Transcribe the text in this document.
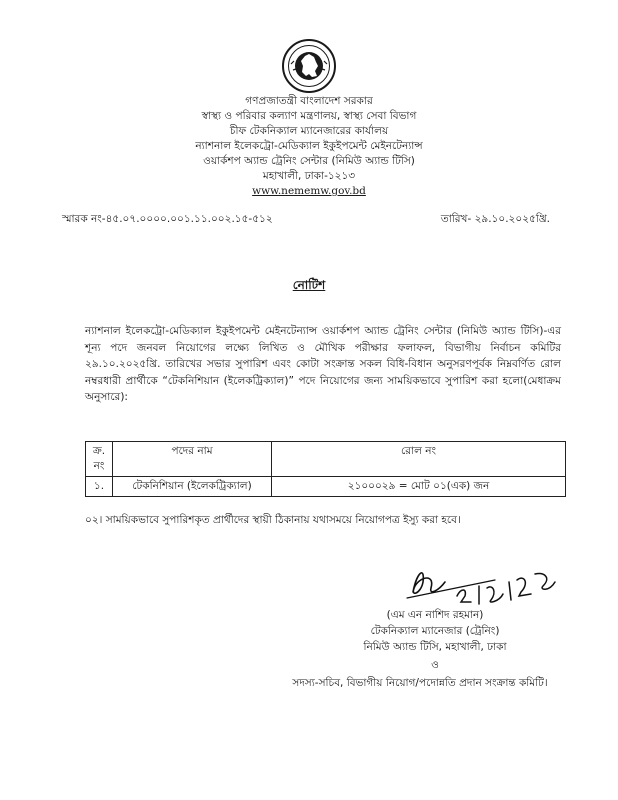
গণপ্রজাতন্ত্রী বাংলাদেশ সরকার
স্বাস্থ্য ও পরিবার কল্যাণ মন্ত্রণালয়, স্বাস্থ্য সেবা বিভাগ
চীফ টেকনিক্যাল ম্যানেজারের কার্যালয়
ন্যাশনাল ইলেকট্রো-মেডিক্যাল ইকুইপমেন্ট মেইনটেন্যান্স
ওয়ার্কশপ অ্যান্ড ট্রেনিং সেন্টার (নিমিউ অ্যান্ড টিসি)
মহাখালী, ঢাকা-১২১৩
www.nememw.gov.bd
স্মারক নং-৪৫.০৭.০০০০.০০১.১১.০০২.১৫-৫১২	তারিখ- ২৯.১০.২০২৫খ্রি.
নোটিশ
ন্যাশনাল ইলেকট্রো-মেডিক্যাল ইকুইপমেন্ট মেইনটেন্যান্স ওয়ার্কশপ অ্যান্ড ট্রেনিং সেন্টার (নিমিউ অ্যান্ড টিসি)-এর শূন্য পদে জনবল নিয়োগের লক্ষ্যে লিখিত ও মৌখিক পরীক্ষার ফলাফল, বিভাগীয় নির্বাচন কমিটির ২৯.১০.২০২৫খ্রি. তারিখের সভার সুপারিশ এবং কোটা সংক্রান্ত সকল বিধি-বিধান অনুসরণপূর্বক নিম্নবর্ণিত রোল নম্বরধারী প্রার্থীকে “টেকনিশিয়ান (ইলেকট্রিক্যাল)” পদে নিয়োগের জন্য সাময়িকভাবে সুপারিশ করা হলো(মেধাক্রম অনুসারে):
ক্র. নং	পদের নাম	রোল নং
১.	টেকনিশিয়ান (ইলেকট্রিক্যাল)	২১০০০২৯ = মোট ০১(এক) জন
০২। সাময়িকভাবে সুপারিশকৃত প্রার্থীদের স্থায়ী ঠিকানায় যথাসময়ে নিয়োগপত্র ইস্যু করা হবে।
(এম এন নাশিদ রহমান)
টেকনিক্যাল ম্যানেজার (ট্রেনিং)
নিমিউ অ্যান্ড টিসি, মহাখালী, ঢাকা
ও
সদস্য-সচিব, বিভাগীয় নিয়োগ/পদোন্নতি প্রদান সংক্রান্ত কমিটি।
